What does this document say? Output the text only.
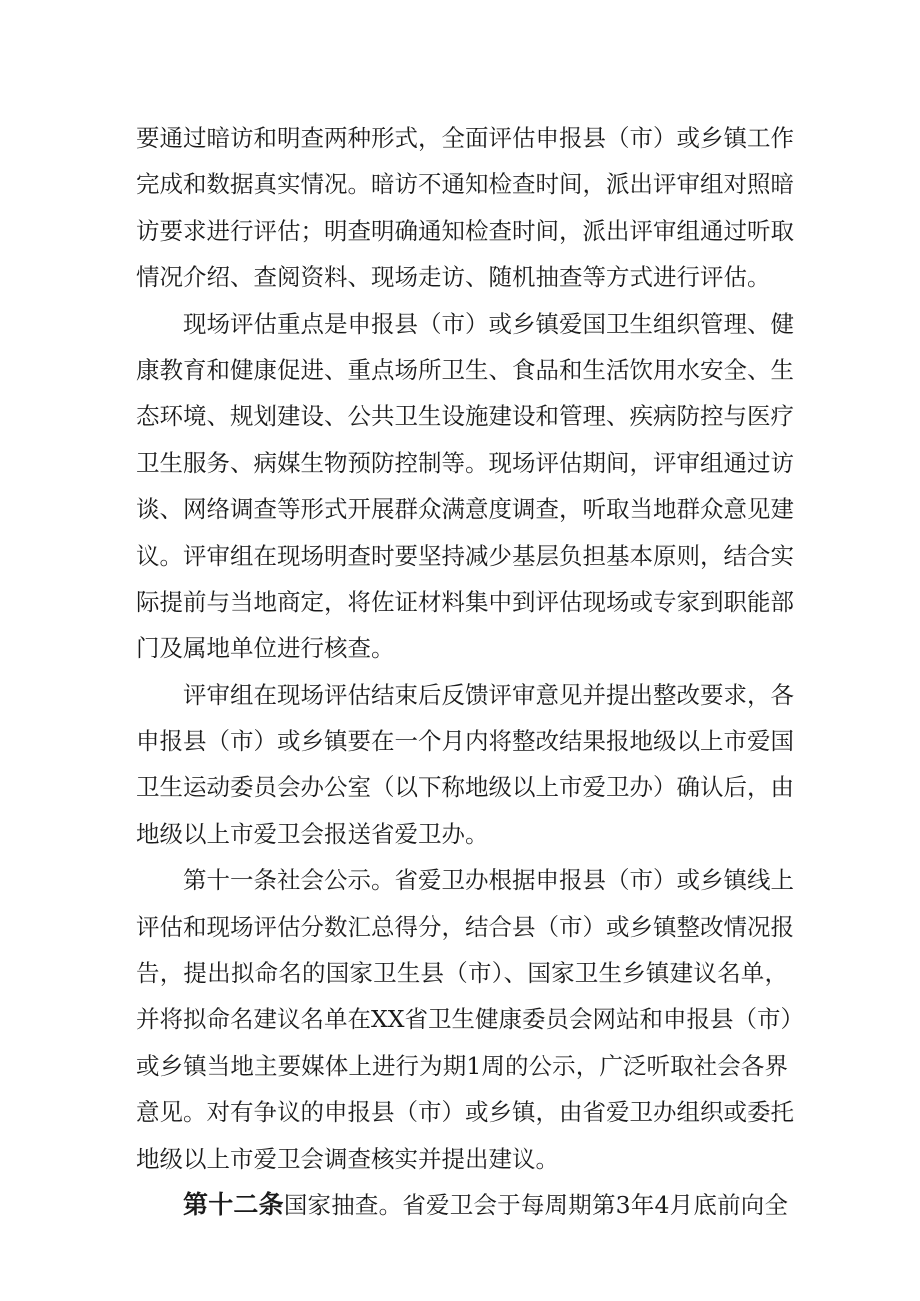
要通过暗访和明查两种形式，全面评估申报县（市）或乡镇工作
完成和数据真实情况。暗访不通知检查时间，派出评审组对照暗
访要求进行评估；明查明确通知检查时间，派出评审组通过听取
情况介绍、查阅资料、现场走访、随机抽查等方式进行评估。
现场评估重点是申报县（市）或乡镇爱国卫生组织管理、健
康教育和健康促进、重点场所卫生、食品和生活饮用水安全、生
态环境、规划建设、公共卫生设施建设和管理、疾病防控与医疗
卫生服务、病媒生物预防控制等。现场评估期间，评审组通过访
谈、网络调查等形式开展群众满意度调查，听取当地群众意见建
议。评审组在现场明查时要坚持减少基层负担基本原则，结合实
际提前与当地商定，将佐证材料集中到评估现场或专家到职能部
门及属地单位进行核查。
评审组在现场评估结束后反馈评审意见并提出整改要求，各
申报县（市）或乡镇要在一个月内将整改结果报地级以上市爱国
卫生运动委员会办公室（以下称地级以上市爱卫办）确认后，由
地级以上市爱卫会报送省爱卫办。
第十一条社会公示。省爱卫办根据申报县（市）或乡镇线上
评估和现场评估分数汇总得分，结合县（市）或乡镇整改情况报
告，提出拟命名的国家卫生县（市）、国家卫生乡镇建议名单，
并将拟命名建议名单在XX省卫生健康委员会网站和申报县（市）
或乡镇当地主要媒体上进行为期1周的公示，广泛听取社会各界
意见。对有争议的申报县（市）或乡镇，由省爱卫办组织或委托
地级以上市爱卫会调查核实并提出建议。
第十二条国家抽查。省爱卫会于每周期第3年4月底前向全
